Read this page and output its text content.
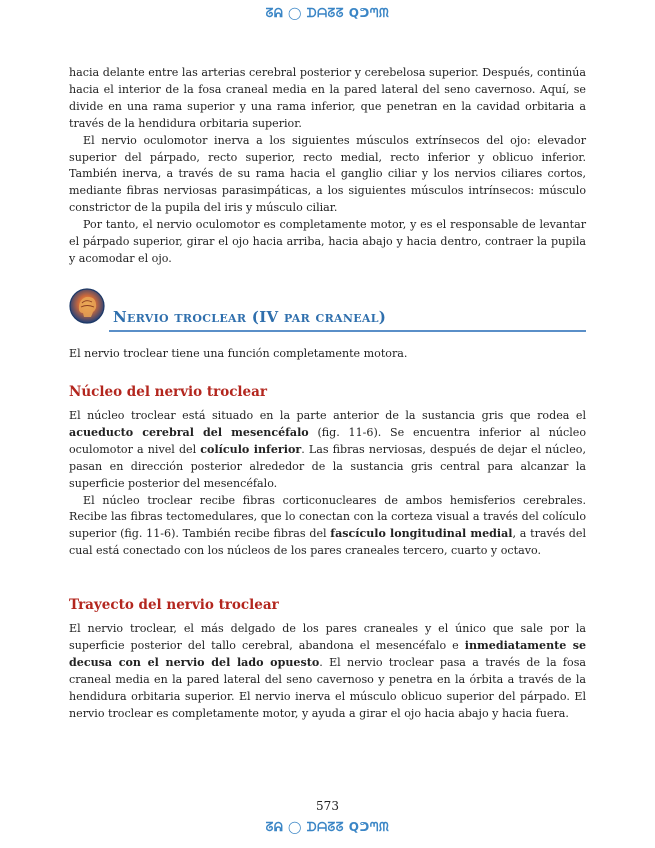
ᘔᕱ ◯ ᗪᗩᘔᘔ Qᕤᘉᙏ

hacia delante entre las arterias cerebral posterior y cerebelosa superior. Después, continúa hacia el interior de la fosa craneal media en la pared lateral del seno cavernoso. Aquí, se divide en una rama superior y una rama inferior, que penetran en la cavidad orbitaria a través de la hendidura orbitaria superior.

El nervio oculomotor inerva a los siguientes músculos extrínsecos del ojo: elevador superior del párpado, recto superior, recto medial, recto inferior y oblicuo inferior. También inerva, a través de su rama hacia el ganglio ciliar y los nervios ciliares cortos, mediante fibras nerviosas parasimpáticas, a los siguientes músculos intrínsecos: músculo constrictor de la pupila del iris y músculo ciliar.

Por tanto, el nervio oculomotor es completamente motor, y es el responsable de levantar el párpado superior, girar el ojo hacia arriba, hacia abajo y hacia dentro, contraer la pupila y acomodar el ojo.

Nervio troclear (IV par craneal)

El nervio troclear tiene una función completamente motora.

Núcleo del nervio troclear

El núcleo troclear está situado en la parte anterior de la sustancia gris que rodea el acueducto cerebral del mesencéfalo (fig. 11-6). Se encuentra inferior al núcleo oculomotor a nivel del colículo inferior. Las fibras nerviosas, después de dejar el núcleo, pasan en dirección posterior alrededor de la sustancia gris central para alcanzar la superficie posterior del mesencéfalo.

El núcleo troclear recibe fibras corticonucleares de ambos hemisferios cerebrales. Recibe las fibras tectomedulares, que lo conectan con la corteza visual a través del colículo superior (fig. 11-6). También recibe fibras del fascículo longitudinal medial, a través del cual está conectado con los núcleos de los pares craneales tercero, cuarto y octavo.

Trayecto del nervio troclear

El nervio troclear, el más delgado de los pares craneales y el único que sale por la superficie posterior del tallo cerebral, abandona el mesencéfalo e inmediatamente se decusa con el nervio del lado opuesto. El nervio troclear pasa a través de la fosa craneal media en la pared lateral del seno cavernoso y penetra en la órbita a través de la hendidura orbitaria superior. El nervio inerva el músculo oblicuo superior del párpado. El nervio troclear es completamente motor, y ayuda a girar el ojo hacia abajo y hacia fuera.

573
ᘔᕱ ◯ ᗪᗩᘔᘔ Qᕤᘉᙏ
